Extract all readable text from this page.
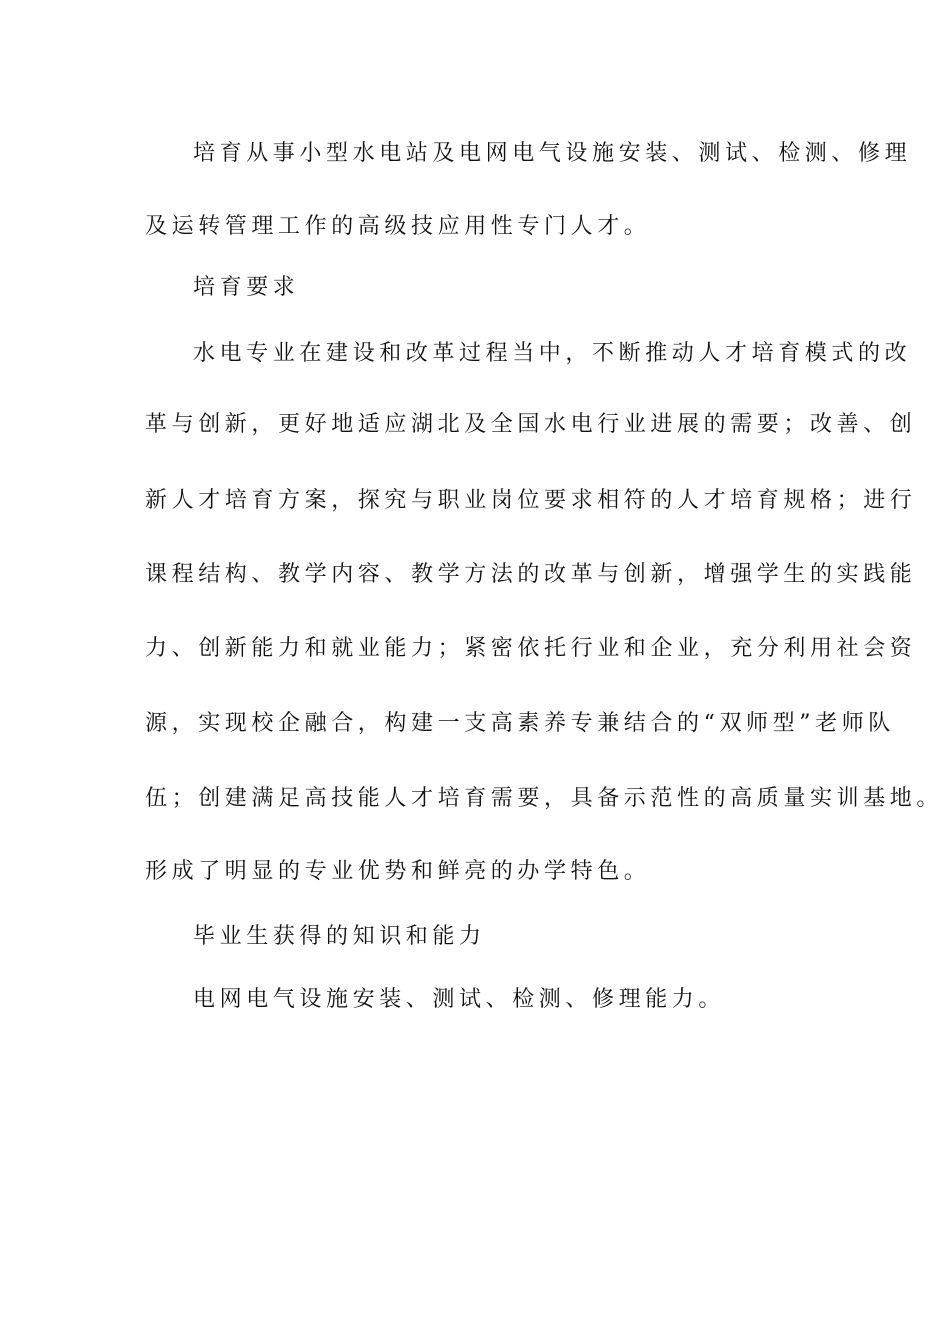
培育从事小型水电站及电网电气设施安装、测试、检测、修理
及运转管理工作的高级技应用性专门人才。
培育要求
水电专业在建设和改革过程当中，不断推动人才培育模式的改
革与创新，更好地适应湖北及全国水电行业进展的需要；改善、创
新人才培育方案，探究与职业岗位要求相符的人才培育规格；进行
课程结构、教学内容、教学方法的改革与创新，增强学生的实践能
力、创新能力和就业能力；紧密依托行业和企业，充分利用社会资
源，实现校企融合，构建一支高素养专兼结合的“双师型”老师队
伍；创建满足高技能人才培育需要，具备示范性的高质量实训基地。
形成了明显的专业优势和鲜亮的办学特色。
毕业生获得的知识和能力
电网电气设施安装、测试、检测、修理能力。
